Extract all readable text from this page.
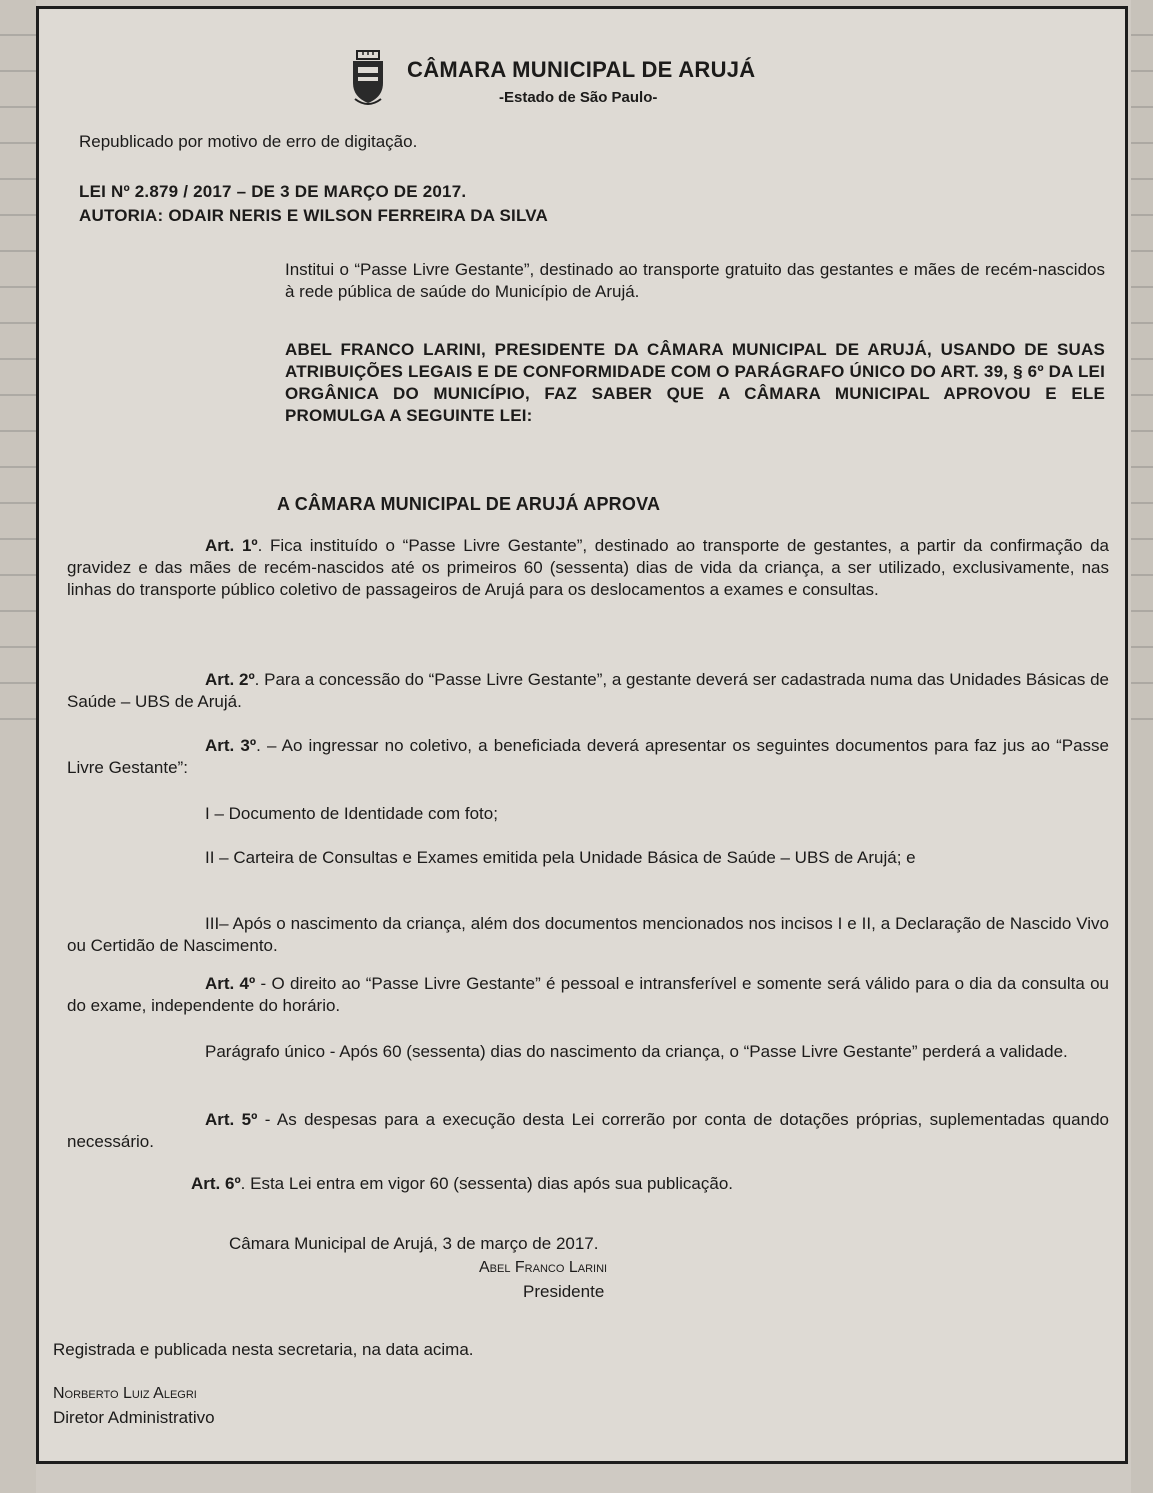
CÂMARA MUNICIPAL DE ARUJÁ
-Estado de São Paulo-
Republicado por motivo de erro de digitação.
LEI Nº 2.879 / 2017 – DE 3 DE MARÇO DE 2017.
AUTORIA: ODAIR NERIS E WILSON FERREIRA DA SILVA
Institui o “Passe Livre Gestante”, destinado ao transporte gratuito das gestantes e mães de recém-nascidos à rede pública de saúde do Município de Arujá.
ABEL FRANCO LARINI, PRESIDENTE DA CÂMARA MUNICIPAL DE ARUJÁ, USANDO DE SUAS ATRIBUIÇÕES LEGAIS E DE CONFORMIDADE COM O PARÁGRAFO ÚNICO DO ART. 39, § 6º DA LEI ORGÂNICA DO MUNICÍPIO, FAZ SABER QUE A CÂMARA MUNICIPAL APROVOU E ELE PROMULGA A SEGUINTE LEI:
A CÂMARA MUNICIPAL DE ARUJÁ APROVA
Art. 1º. Fica instituído o “Passe Livre Gestante”, destinado ao transporte de gestantes, a partir da confirmação da gravidez e das mães de recém-nascidos até os primeiros 60 (sessenta) dias de vida da criança, a ser utilizado, exclusivamente, nas linhas do transporte público coletivo de passageiros de Arujá para os deslocamentos a exames e consultas.
Art. 2º. Para a concessão do “Passe Livre Gestante”, a gestante deverá ser cadastrada numa das Unidades Básicas de Saúde – UBS de Arujá.
Art. 3º. – Ao ingressar no coletivo, a beneficiada deverá apresentar os seguintes documentos para faz jus ao “Passe Livre Gestante”:
I – Documento de Identidade com foto;
II – Carteira de Consultas e Exames emitida pela Unidade Básica de Saúde – UBS de Arujá; e
III– Após o nascimento da criança, além dos documentos mencionados nos incisos I e II, a Declaração de Nascido Vivo ou Certidão de Nascimento.
Art. 4º - O direito ao “Passe Livre Gestante” é pessoal e intransferível e somente será válido para o dia da consulta ou do exame, independente do horário.
Parágrafo único - Após 60 (sessenta) dias do nascimento da criança, o “Passe Livre Gestante” perderá a validade.
Art. 5º - As despesas para a execução desta Lei correrão por conta de dotações próprias, suplementadas quando necessário.
Art. 6º. Esta Lei entra em vigor 60 (sessenta) dias após sua publicação.
Câmara Municipal de Arujá, 3 de março de 2017.
Abel Franco Larini
Presidente
Registrada e publicada nesta secretaria, na data acima.
Norberto Luiz Alegri
Diretor Administrativo
